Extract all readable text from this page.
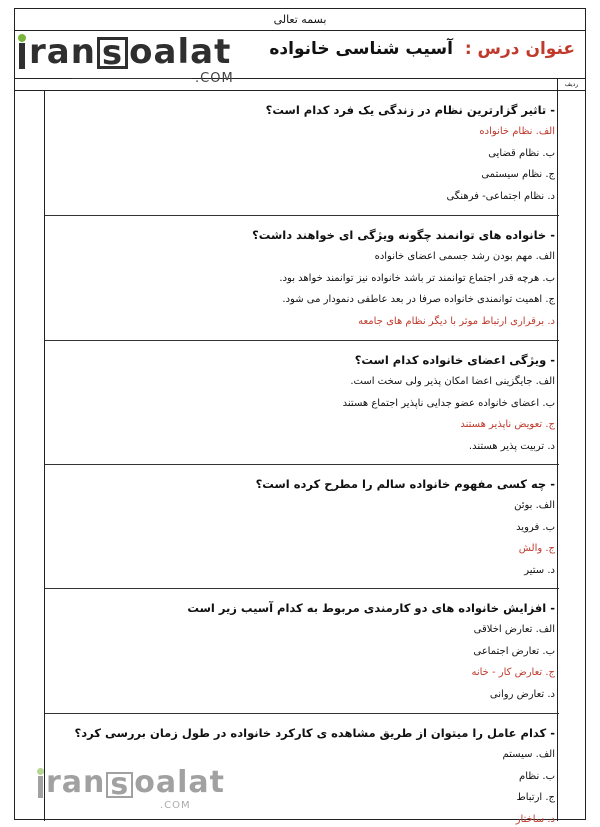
بسمه تعالی
ran s oalat
.COM
عنوان درس : آسیب شناسی خانواده
ردیف
- تاثیر گزارترین نظام در زندگی یک فرد کدام است؟
الف. نظام خانواده
ب. نظام قضایی
ج. نظام سیستمی
د. نظام اجتماعی- فرهنگی
- خانواده های توانمند چگونه ویژگی ای خواهند داشت؟
الف. مهم بودن رشد جسمی اعضای خانواده
ب. هرچه قدر اجتماع توانمند تر باشد خانواده نیز توانمند خواهد بود.
ج. اهمیت توانمندی خانواده صرفا در بعد عاطفی دنمودار می شود.
د. برقراری ارتباط موثر با دیگر نظام های جامعه
- ویژگی اعضای خانواده کدام است؟
الف. جایگزینی اعضا امکان پذیر ولی سخت است.
ب. اعضای خانواده عضو جدایی ناپذیر اجتماع هستند
ج. تعویض ناپذیر هستند
د. تربیت پذیر هستند.
- چه کسی مفهوم خانواده سالم را مطرح کرده است؟
الف. بوئن
ب. فروید
ج. والش
د. ستیر
- افزایش خانواده های دو کارمندی مربوط به کدام آسیب زیر است
الف. تعارض اخلاقی
ب. تعارض اجتماعی
ج. تعارض کار - خانه
د. تعارض روانی
- کدام عامل را میتوان از طریق مشاهده ی کارکرد خانواده در طول زمان بررسی کرد؟
الف. سیستم
ب. نظام
ج. ارتباط
د. ساختار
ran s oalat
.COM
